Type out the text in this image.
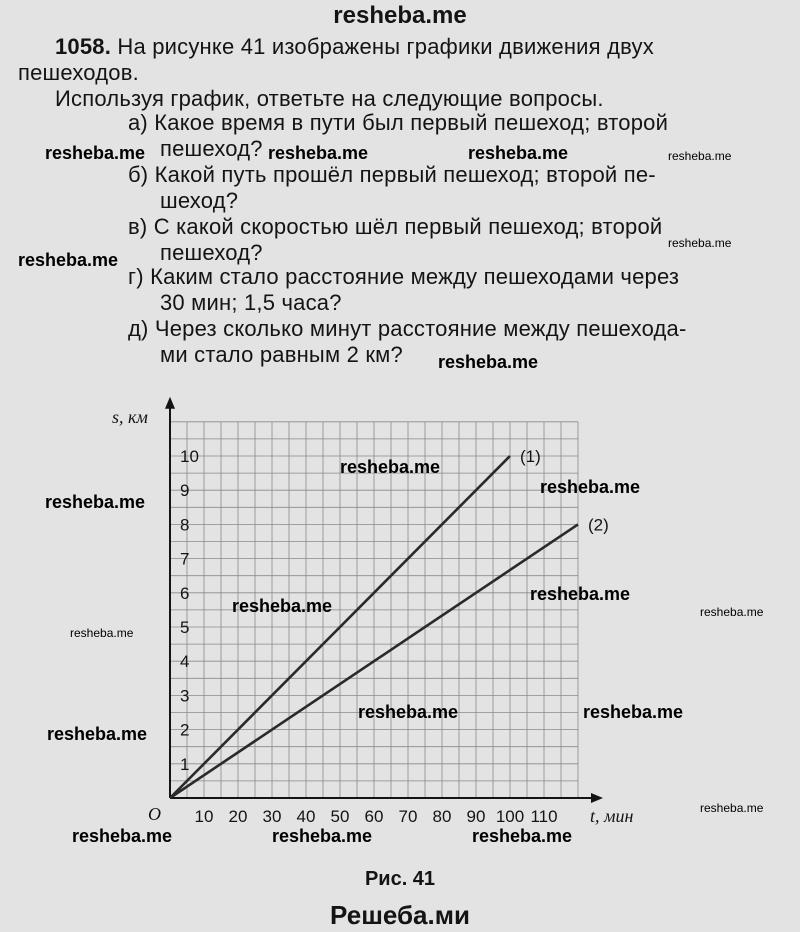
resheba.me
1058. На рисунке 41 изображены графики движения двух
пешеходов.
Используя график, ответьте на следующие вопросы.
а) Какое время в пути был первый пешеход; второй
пешеход?
б) Какой путь прошёл первый пешеход; второй пе-
шеход?
в) С какой скоростью шёл первый пешеход; второй
пешеход?
г) Каким стало расстояние между пешеходами через
30 мин; 1,5 часа?
д) Через сколько минут расстояние между пешехода-
ми стало равным 2 км?
10 20 30 40 50 60 70 80 90 100 110
1
2
3
4
5
6
7
8
9
10	(1)
(2)
s, км
t, мин
O
Рис. 41
resheba.me	resheba.me	resheba.me	resheba.me
resheba.me
resheba.me
resheba.me
resheba.me
resheba.me
resheba.me
resheba.me
resheba.me
resheba.me
resheba.me
resheba.me	resheba.me
resheba.me
resheba.me
resheba.me	resheba.me	resheba.me
Решеба.ми
